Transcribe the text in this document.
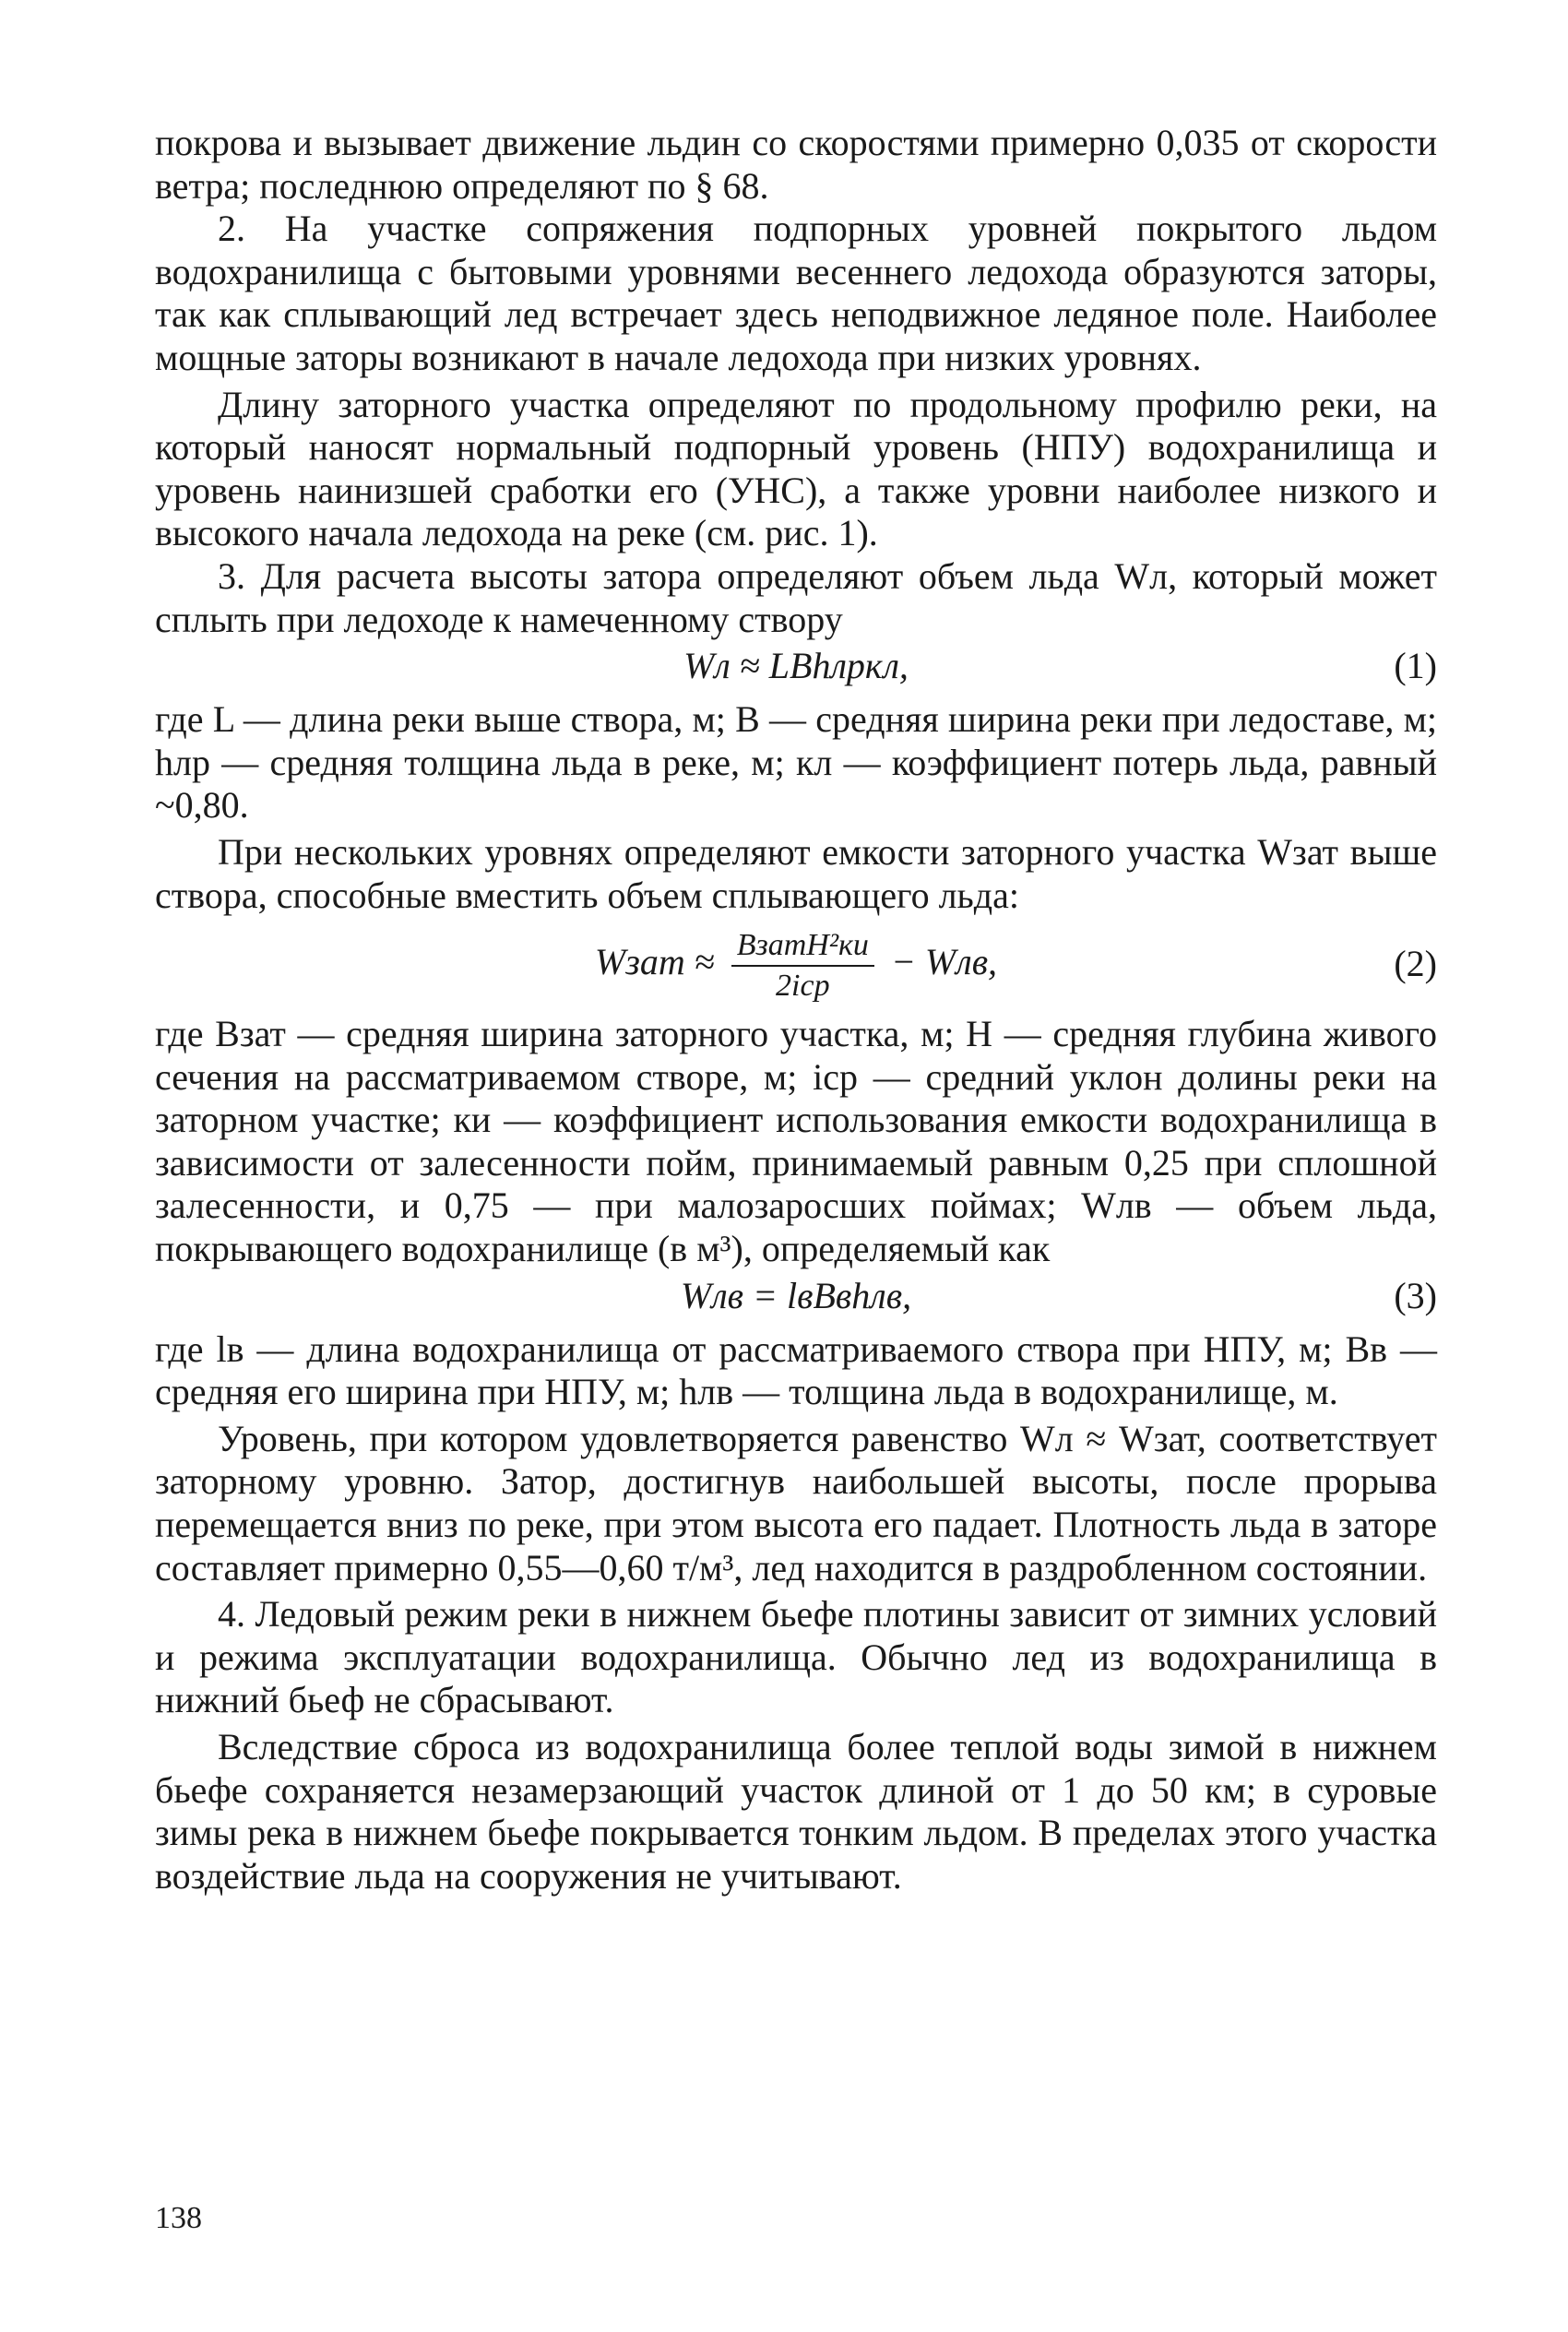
покрова и вызывает движение льдин со скоростями примерно 0,035 от скорости ветра; последнюю определяют по § 68.

2. На участке сопряжения подпорных уровней покрытого льдом водохранилища с бытовыми уровнями весеннего ледохода образуются заторы, так как сплывающий лед встречает здесь неподвижное ледяное поле. Наиболее мощные заторы возникают в начале ледохода при низких уровнях.

Длину заторного участка определяют по продольному профилю реки, на который наносят нормальный подпорный уровень (НПУ) водохранилища и уровень наинизшей сработки его (УНС), а также уровни наиболее низкого и высокого начала ледохода на реке (см. рис. 1).

3. Для расчета высоты затора определяют объем льда Wл, который может сплыть при ледоходе к намеченному створу

Wл ≈ LBhлркл,	(1)

где L — длина реки выше створа, м; B — средняя ширина реки при ледоставе, м; hлр — средняя толщина льда в реке, м; кл — коэффициент потерь льда, равный ~0,80.

При нескольких уровнях определяют емкости заторного участка Wзат выше створа, способные вместить объем сплывающего льда:

Wзат ≈ $\frac{\text{BзатH²ки}}{\text{2iср}}$ − Wлв,	(2)

где Bзат — средняя ширина заторного участка, м; H — средняя глубина живого сечения на рассматриваемом створе, м; iср — средний уклон долины реки на заторном участке; ки — коэффициент использования емкости водохранилища в зависимости от залесенности пойм, принимаемый равным 0,25 при сплошной залесенности, и 0,75 — при малозаросших поймах; Wлв — объем льда, покрывающего водохранилище (в м³), определяемый как

Wлв = lвBвhлв,	(3)

где lв — длина водохранилища от рассматриваемого створа при НПУ, м; Bв — средняя его ширина при НПУ, м; hлв — толщина льда в водохранилище, м.

Уровень, при котором удовлетворяется равенство Wл ≈ Wзат, соответствует заторному уровню. Затор, достигнув наибольшей высоты, после прорыва перемещается вниз по реке, при этом высота его падает. Плотность льда в заторе составляет примерно 0,55—0,60 т/м³, лед находится в раздробленном состоянии.

4. Ледовый режим реки в нижнем бьефе плотины зависит от зимних условий и режима эксплуатации водохранилища. Обычно лед из водохранилища в нижний бьеф не сбрасывают.

Вследствие сброса из водохранилища более теплой воды зимой в нижнем бьефе сохраняется незамерзающий участок длиной от 1 до 50 км; в суровые зимы река в нижнем бьефе покрывается тонким льдом. В пределах этого участка воздействие льда на сооружения не учитывают.

138
